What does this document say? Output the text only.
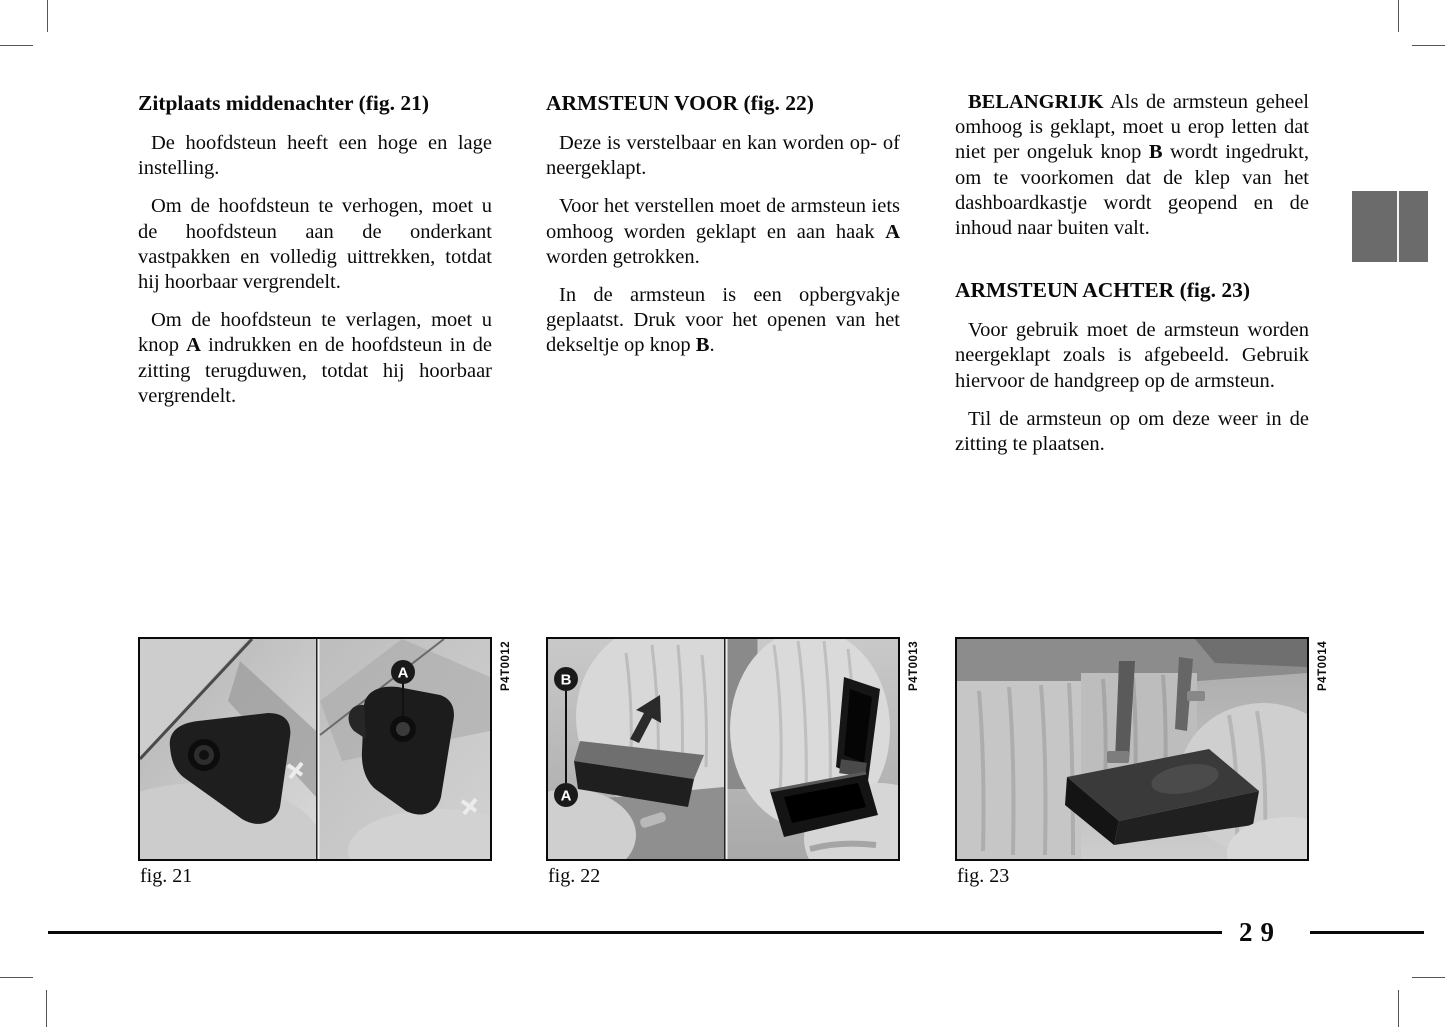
Zitplaats middenachter (fig. 21)

De hoofdsteun heeft een hoge en lage instelling.

Om de hoofdsteun te verhogen, moet u de hoofdsteun aan de onderkant vastpakken en volledig uittrekken, totdat hij hoorbaar vergrendelt.

Om de hoofdsteun te verlagen, moet u knop A indrukken en de hoofdsteun in de zitting terugduwen, totdat hij hoorbaar vergrendelt.

ARMSTEUN VOOR (fig. 22)

Deze is verstelbaar en kan worden op- of neergeklapt.

Voor het verstellen moet de armsteun iets omhoog worden geklapt en aan haak A worden getrokken.

In de armsteun is een opbergvakje geplaatst. Druk voor het openen van het dekseltje op knop B.

BELANGRIJK Als de armsteun geheel omhoog is geklapt, moet u erop letten dat niet per ongeluk knop B wordt ingedrukt, om te voorkomen dat de klep van het dashboardkastje wordt geopend en de inhoud naar buiten valt.

ARMSTEUN ACHTER (fig. 23)

Voor gebruik moet de armsteun worden neergeklapt zoals is afgebeeld. Gebruik hiervoor de handgreep op de armsteun.

Til de armsteun op om deze weer in de zitting te plaatsen.

A	P4T0012
fig. 21
B
A
P4T0013
fig. 22
P4T0014
fig. 23
29
